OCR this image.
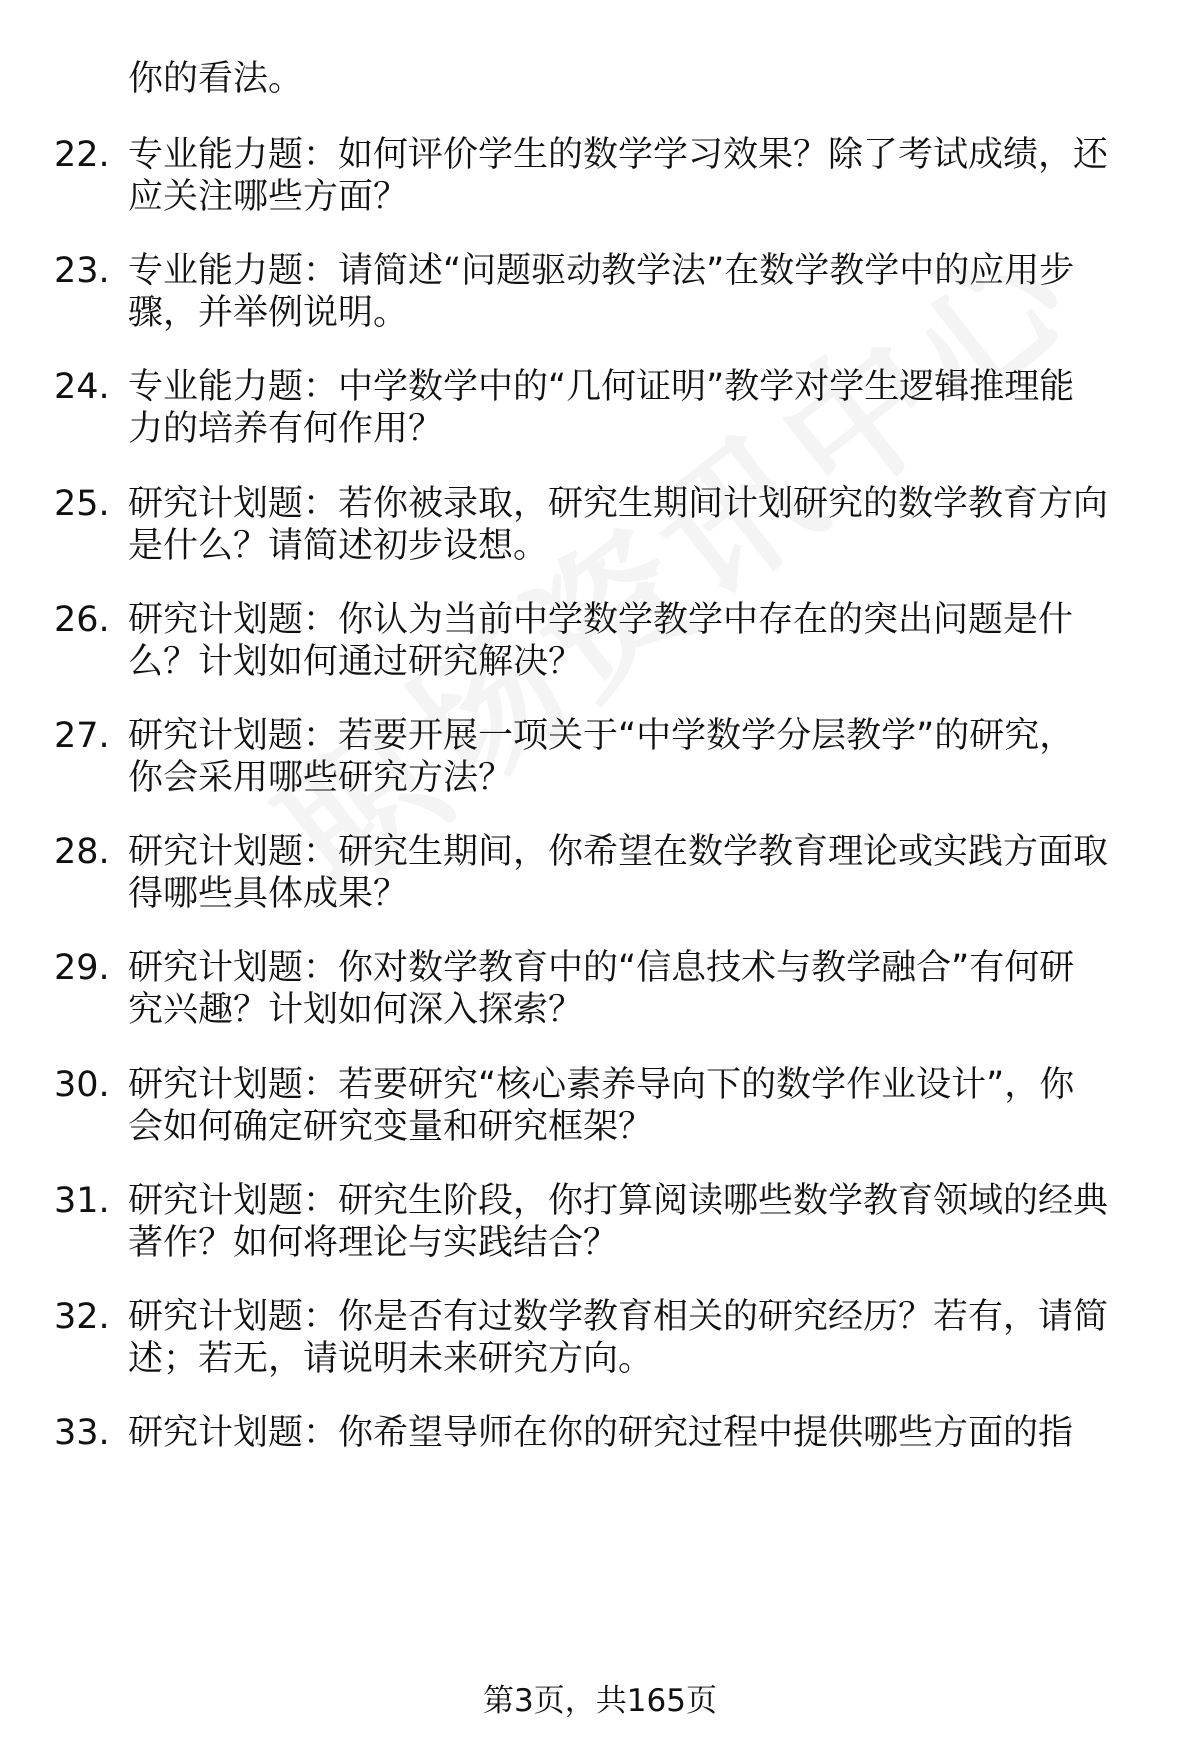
你的看法。
22. 专业能力题：如何评价学生的数学学习效果？除了考试成绩，还
应关注哪些方面？
23. 专业能力题：请简述“问题驱动教学法”在数学教学中的应用步
骤，并举例说明。
24. 专业能力题：中学数学中的“几何证明”教学对学生逻辑推理能
力的培养有何作用？
25. 研究计划题：若你被录取，研究生期间计划研究的数学教育方向
是什么？请简述初步设想。
26. 研究计划题：你认为当前中学数学教学中存在的突出问题是什
么？计划如何通过研究解决？
27. 研究计划题：若要开展一项关于“中学数学分层教学”的研究，
你会采用哪些研究方法？
28. 研究计划题：研究生期间，你希望在数学教育理论或实践方面取
得哪些具体成果？
29. 研究计划题：你对数学教育中的“信息技术与教学融合”有何研
究兴趣？计划如何深入探索？
30. 研究计划题：若要研究“核心素养导向下的数学作业设计”，你
会如何确定研究变量和研究框架？
31. 研究计划题：研究生阶段，你打算阅读哪些数学教育领域的经典
著作？如何将理论与实践结合？
32. 研究计划题：你是否有过数学教育相关的研究经历？若有，请简
述；若无，请说明未来研究方向。
33. 研究计划题：你希望导师在你的研究过程中提供哪些方面的指
第3页，共165页
